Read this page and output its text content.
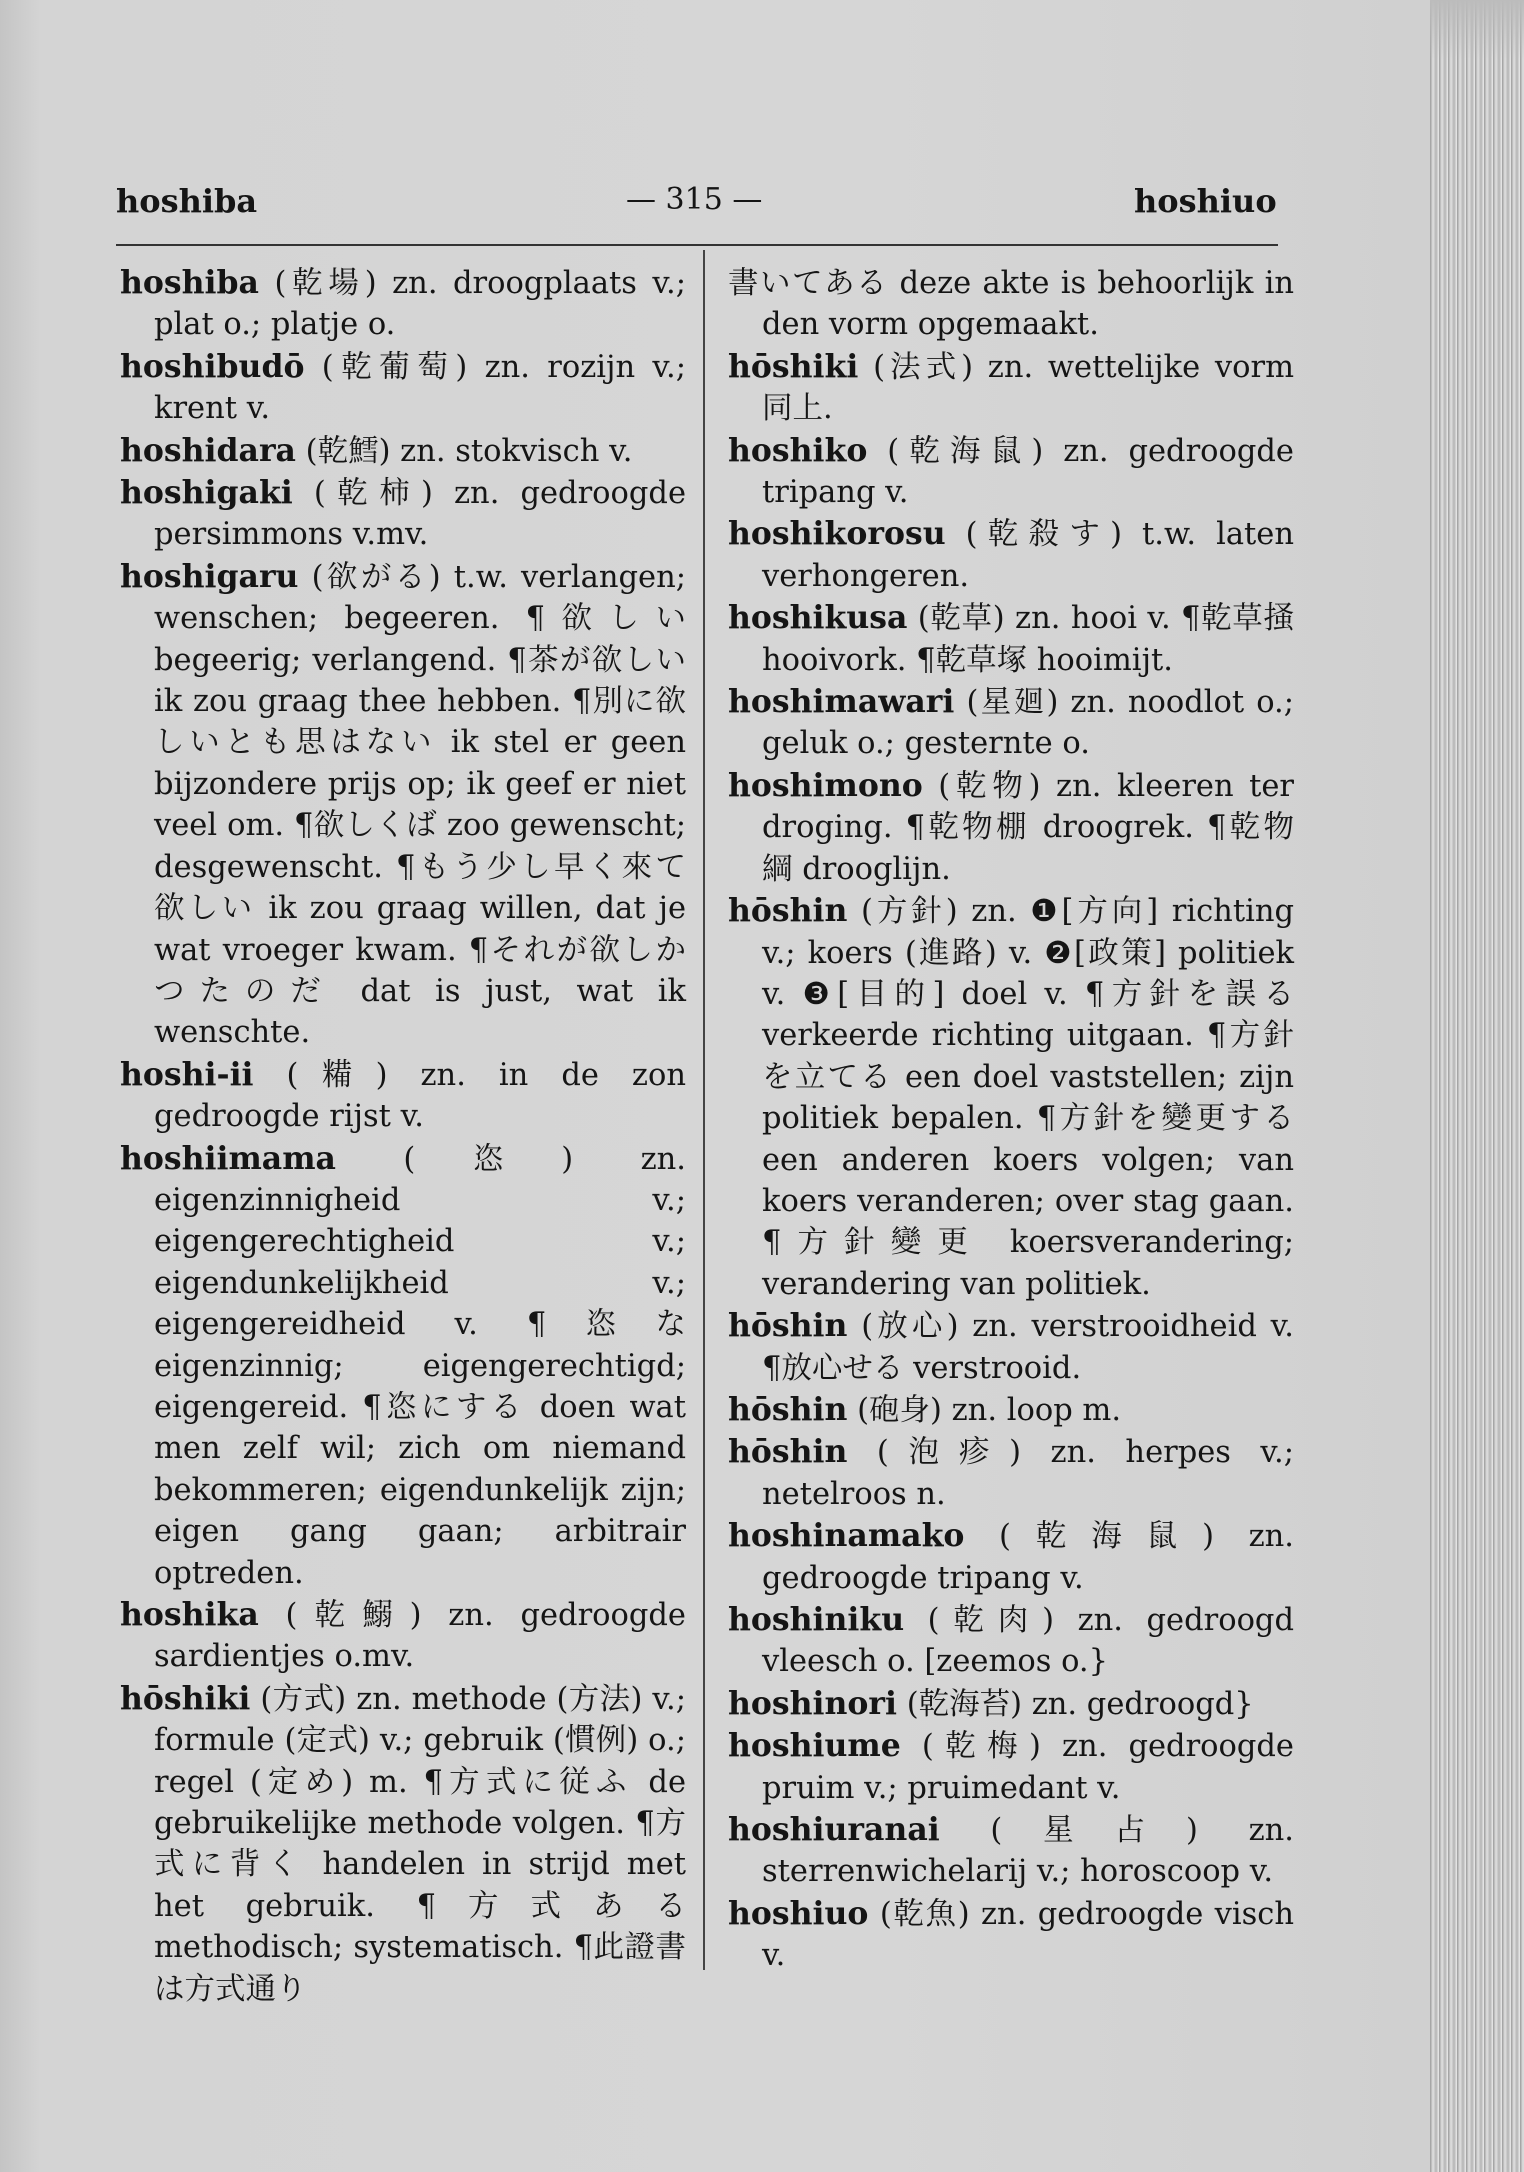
hoshiba	— 315 —	hoshiuo
hoshiba (乾場) zn. droogplaats v.; plat o.; platje o.
hoshibudō (乾葡萄) zn. rozijn v.; krent v.
hoshidara (乾鱈) zn. stokvisch v.
hoshigaki (乾柿) zn. gedroogde persimmons v.mv.
hoshigaru (欲がる) t.w. verlangen; wenschen; begeeren. ¶欲しい begeerig; verlangend. ¶茶が欲しい ik zou graag thee hebben. ¶別に欲しいとも思はない ik stel er geen bijzondere prijs op; ik geef er niet veel om. ¶欲しくば zoo gewenscht; desgewenscht. ¶もう少し早く來て欲しい ik zou graag willen, dat je wat vroeger kwam. ¶それが欲しかつたのだ dat is just, wat ik wenschte.
hoshi-ii (糒) zn. in de zon gedroogde rijst v.
hoshiimama (恣) zn. eigenzinnigheid v.; eigengerechtigheid v.; eigendunkelijkheid v.; eigengereidheid v. ¶恣な eigenzinnig; eigengerechtigd; eigengereid. ¶恣にする doen wat men zelf wil; zich om niemand bekommeren; eigendunkelijk zijn; eigen gang gaan; arbitrair optreden.
hoshika (乾鰯) zn. gedroogde sardientjes o.mv.
hōshiki (方式) zn. methode (方法) v.; formule (定式) v.; gebruik (慣例) o.; regel (定め) m. ¶方式に従ふ de gebruikelijke methode volgen. ¶方式に背く handelen in strijd met het gebruik. ¶方式ある methodisch; systematisch. ¶此證書は方式通り
書いてある deze akte is behoorlijk in den vorm opgemaakt.
hōshiki (法式) zn. wettelijke vorm 同上.
hoshiko (乾海鼠) zn. gedroogde tripang v.
hoshikorosu (乾殺す) t.w. laten verhongeren.
hoshikusa (乾草) zn. hooi v. ¶乾草掻 hooivork. ¶乾草塚 hooimijt.
hoshimawari (星廻) zn. noodlot o.; geluk o.; gesternte o.
hoshimono (乾物) zn. kleeren ter droging. ¶乾物棚 droogrek. ¶乾物綱 drooglijn.
hōshin (方針) zn. ❶[方向] richting v.; koers (進路) v. ❷[政策] politiek v. ❸[目的] doel v. ¶方針を誤る verkeerde richting uitgaan. ¶方針を立てる een doel vaststellen; zijn politiek bepalen. ¶方針を變更する een anderen koers volgen; van koers veranderen; over stag gaan. ¶方針變更 koersverandering; verandering van politiek.
hōshin (放心) zn. verstrooidheid v. ¶放心せる verstrooid.
hōshin (砲身) zn. loop m.
hōshin (泡疹) zn. herpes v.; netelroos n.
hoshinamako (乾海鼠) zn. gedroogde tripang v.
hoshiniku (乾肉) zn. gedroogd vleesch o. [zeemos o.}
hoshinori (乾海苔) zn. gedroogd}
hoshiume (乾梅) zn. gedroogde pruim v.; pruimedant v.
hoshiuranai (星占) zn. sterrenwichelarij v.; horoscoop v.
hoshiuo (乾魚) zn. gedroogde visch v.
